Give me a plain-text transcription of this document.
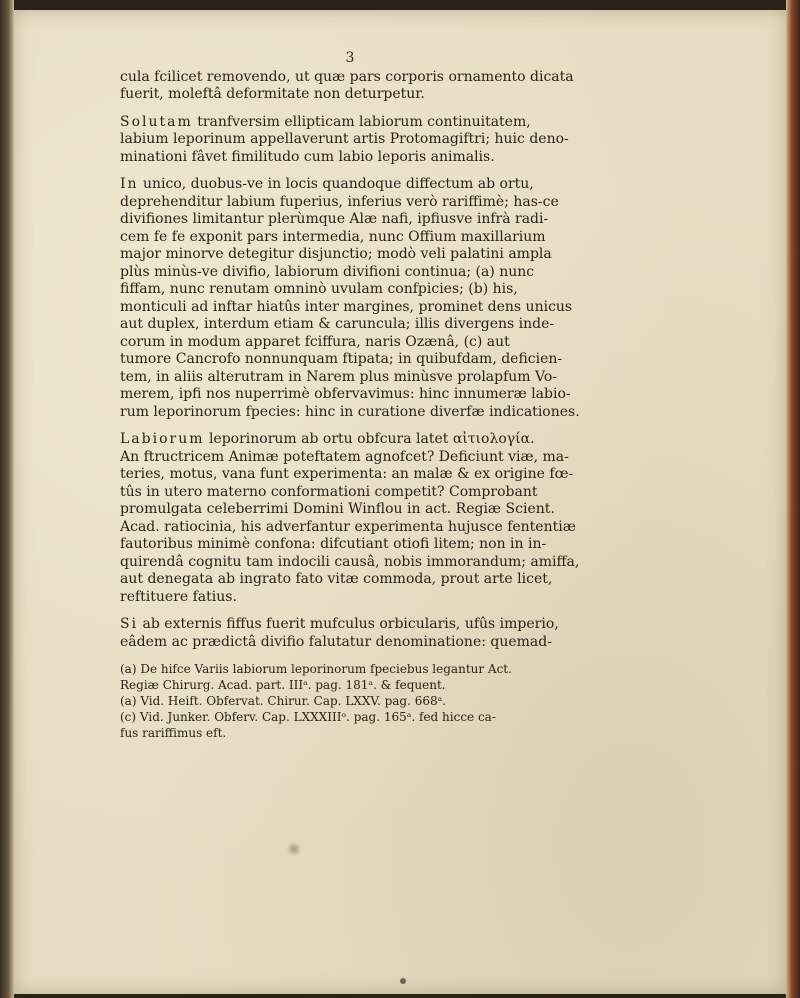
3
cula fcilicet removendo, ut quæ pars corporis ornamento dicata
fuerit, moleftâ deformitate non deturpetur.
Solutam tranfversim ellipticam labiorum continuitatem,
labium leporinum appellaverunt artis Protomagiftri; huic deno-
minationi fâvet fimilitudo cum labio leporis animalis.
In unico, duobus-ve in locis quandoque diffectum ab ortu,
deprehenditur labium fuperius, inferius verò rariffimè; has-ce
divifiones limitantur plerùmque Alæ nafi, ipfiusve infrà radi-
cem fe fe exponit pars intermedia, nunc Offium maxillarium
major minorve detegitur disjunctio; modò veli palatini ampla
plùs minùs-ve divifio, labiorum divifioni continua; (a) nunc
fiffam, nunc renutam omninò uvulam confpicies; (b) his,
monticuli ad inftar hiatûs inter margines, prominet dens unicus
aut duplex, interdum etiam & caruncula; illis divergens inde-
corum in modum apparet fciffura, naris Ozænâ, (c) aut
tumore Cancrofo nonnunquam ftipata; in quibufdam, deficien-
tem, in aliis alterutram in Narem plus minùsve prolapfum Vo-
merem, ipfi nos nuperrimè obfervavimus: hinc innumeræ labio-
rum leporinorum fpecies: hinc in curatione diverfæ indicationes.
Labiorum leporinorum ab ortu obfcura latet αἰτιολογία.
An ftructricem Animæ poteftatem agnofcet? Deficiunt viæ, ma-
teries, motus, vana funt experimenta: an malæ & ex origine fœ-
tûs in utero materno conformationi competit? Comprobant
promulgata celeberrimi Domini Winflou in act. Regiæ Scient.
Acad. ratiocinia, his adverfantur experimenta hujusce fententiæ
fautoribus minimè confona: difcutiant otiofi litem; non in in-
quirendâ cognitu tam indocili causâ, nobis immorandum; amiffa,
aut denegata ab ingrato fato vitæ commoda, prout arte licet,
reftituere fatius.
Si ab externis fiffus fuerit mufculus orbicularis, ufûs imperio,
eâdem ac prædictâ divifio falutatur denominatione: quemad-
(a) De hifce Variis labiorum leporinorum fpeciebus legantur Act.
Regiæ Chirurg. Acad. part. IIIᵃ. pag. 181ᵃ. & fequent.
(a) Vid. Heift. Obfervat. Chirur. Cap. LXXV. pag. 668ᵃ.
(c) Vid. Junker. Obferv. Cap. LXXXIIIᵒ. pag. 165ᵃ. fed hicce ca-
fus rariffimus eft.
